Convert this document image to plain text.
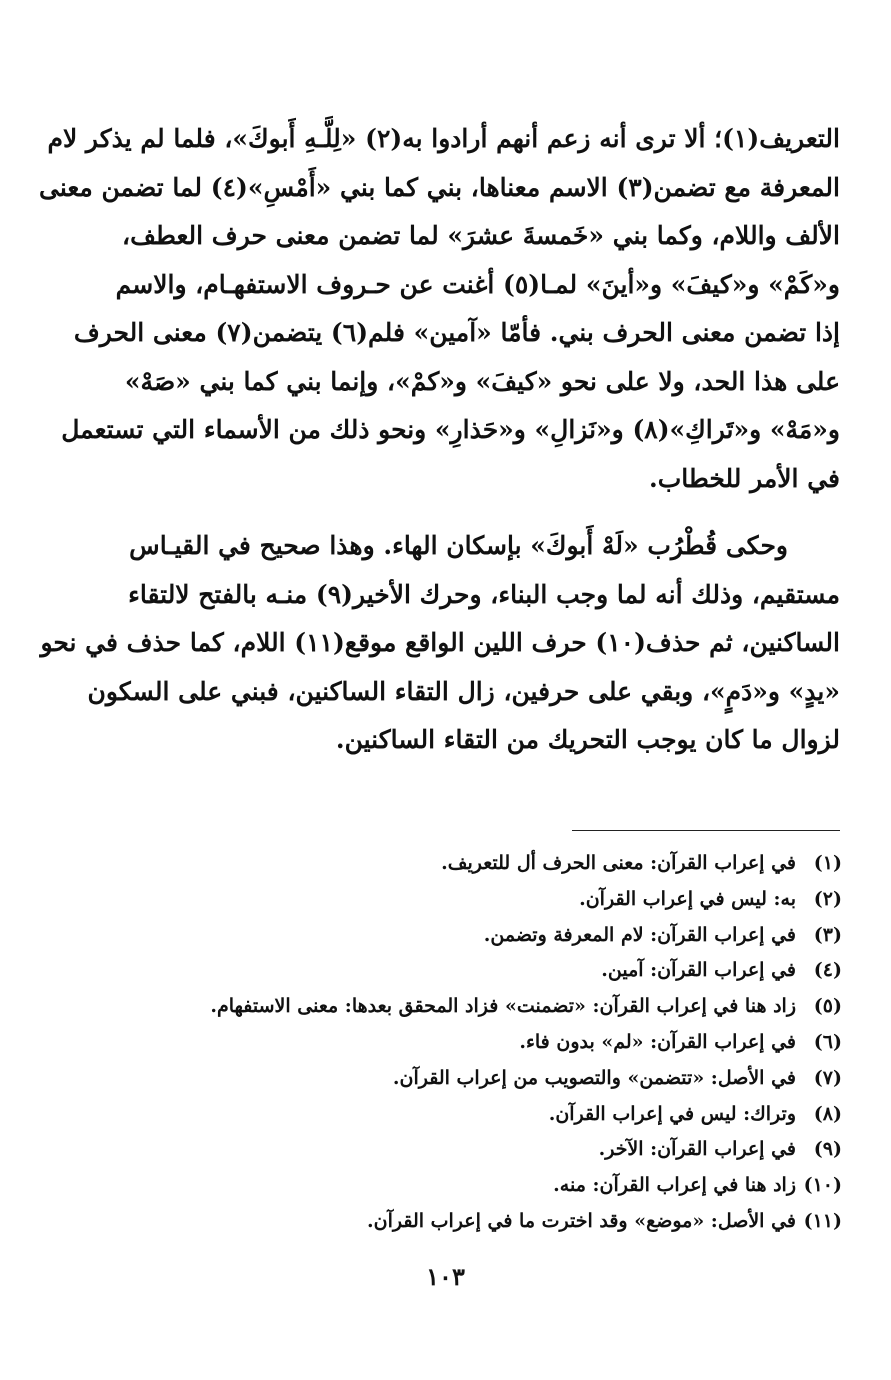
التعريف(١)؛ ألا ترى أنه زعم أنهم أرادوا به(٢) «لِلَّـهِ أَبوكَ»، فلما لم يذكر لام
المعرفة مع تضمن(٣) الاسم معناها، بني كما بني «أَمْسِ»(٤) لما تضمن معنى
الألف واللام، وكما بني «خَمسةَ عشرَ» لما تضمن معنى حرف العطف،
و«كَمْ» و«كيفَ» و«أينَ» لمـا(٥) أغنت عن حـروف الاستفهـام، والاسم
إذا تضمن معنى الحرف بني. فأمّا «آمين» فلم(٦) يتضمن(٧) معنى الحرف
على هذا الحد، ولا على نحو «كيفَ» و«كمْ»، وإنما بني كما بني «صَهْ»
و«مَهْ» و«تَراكِ»(٨) و«نَزالِ» و«حَذارِ» ونحو ذلك من الأسماء التي تستعمل
في الأمر للخطاب.
وحكى قُطْرُب «لَهْ أَبوكَ» بإسكان الهاء. وهذا صحيح في القيـاس
مستقيم، وذلك أنه لما وجب البناء، وحرك الأخير(٩) منـه بالفتح لالتقاء
الساكنين، ثم حذف(١٠) حرف اللين الواقع موقع(١١) اللام، كما حذف في نحو
«يدٍ» و«دَمٍ»، وبقي على حرفين، زال التقاء الساكنين، فبني على السكون
لزوال ما كان يوجب التحريك من التقاء الساكنين.
(١)
في إعراب القرآن: معنى الحرف أل للتعريف.
(٢)
به: ليس في إعراب القرآن.
(٣)
في إعراب القرآن: لام المعرفة وتضمن.
(٤)
في إعراب القرآن: آمين.
(٥)
زاد هنا في إعراب القرآن: «تضمنت» فزاد المحقق بعدها: معنى الاستفهام.
(٦)
في إعراب القرآن: «لم» بدون فاء.
(٧)
في الأصل: «تتضمن» والتصويب من إعراب القرآن.
(٨)
وتراك: ليس في إعراب القرآن.
(٩)
في إعراب القرآن: الآخر.
(١٠)
زاد هنا في إعراب القرآن: منه.
(١١)
في الأصل: «موضع» وقد اخترت ما في إعراب القرآن.
١٠٣
